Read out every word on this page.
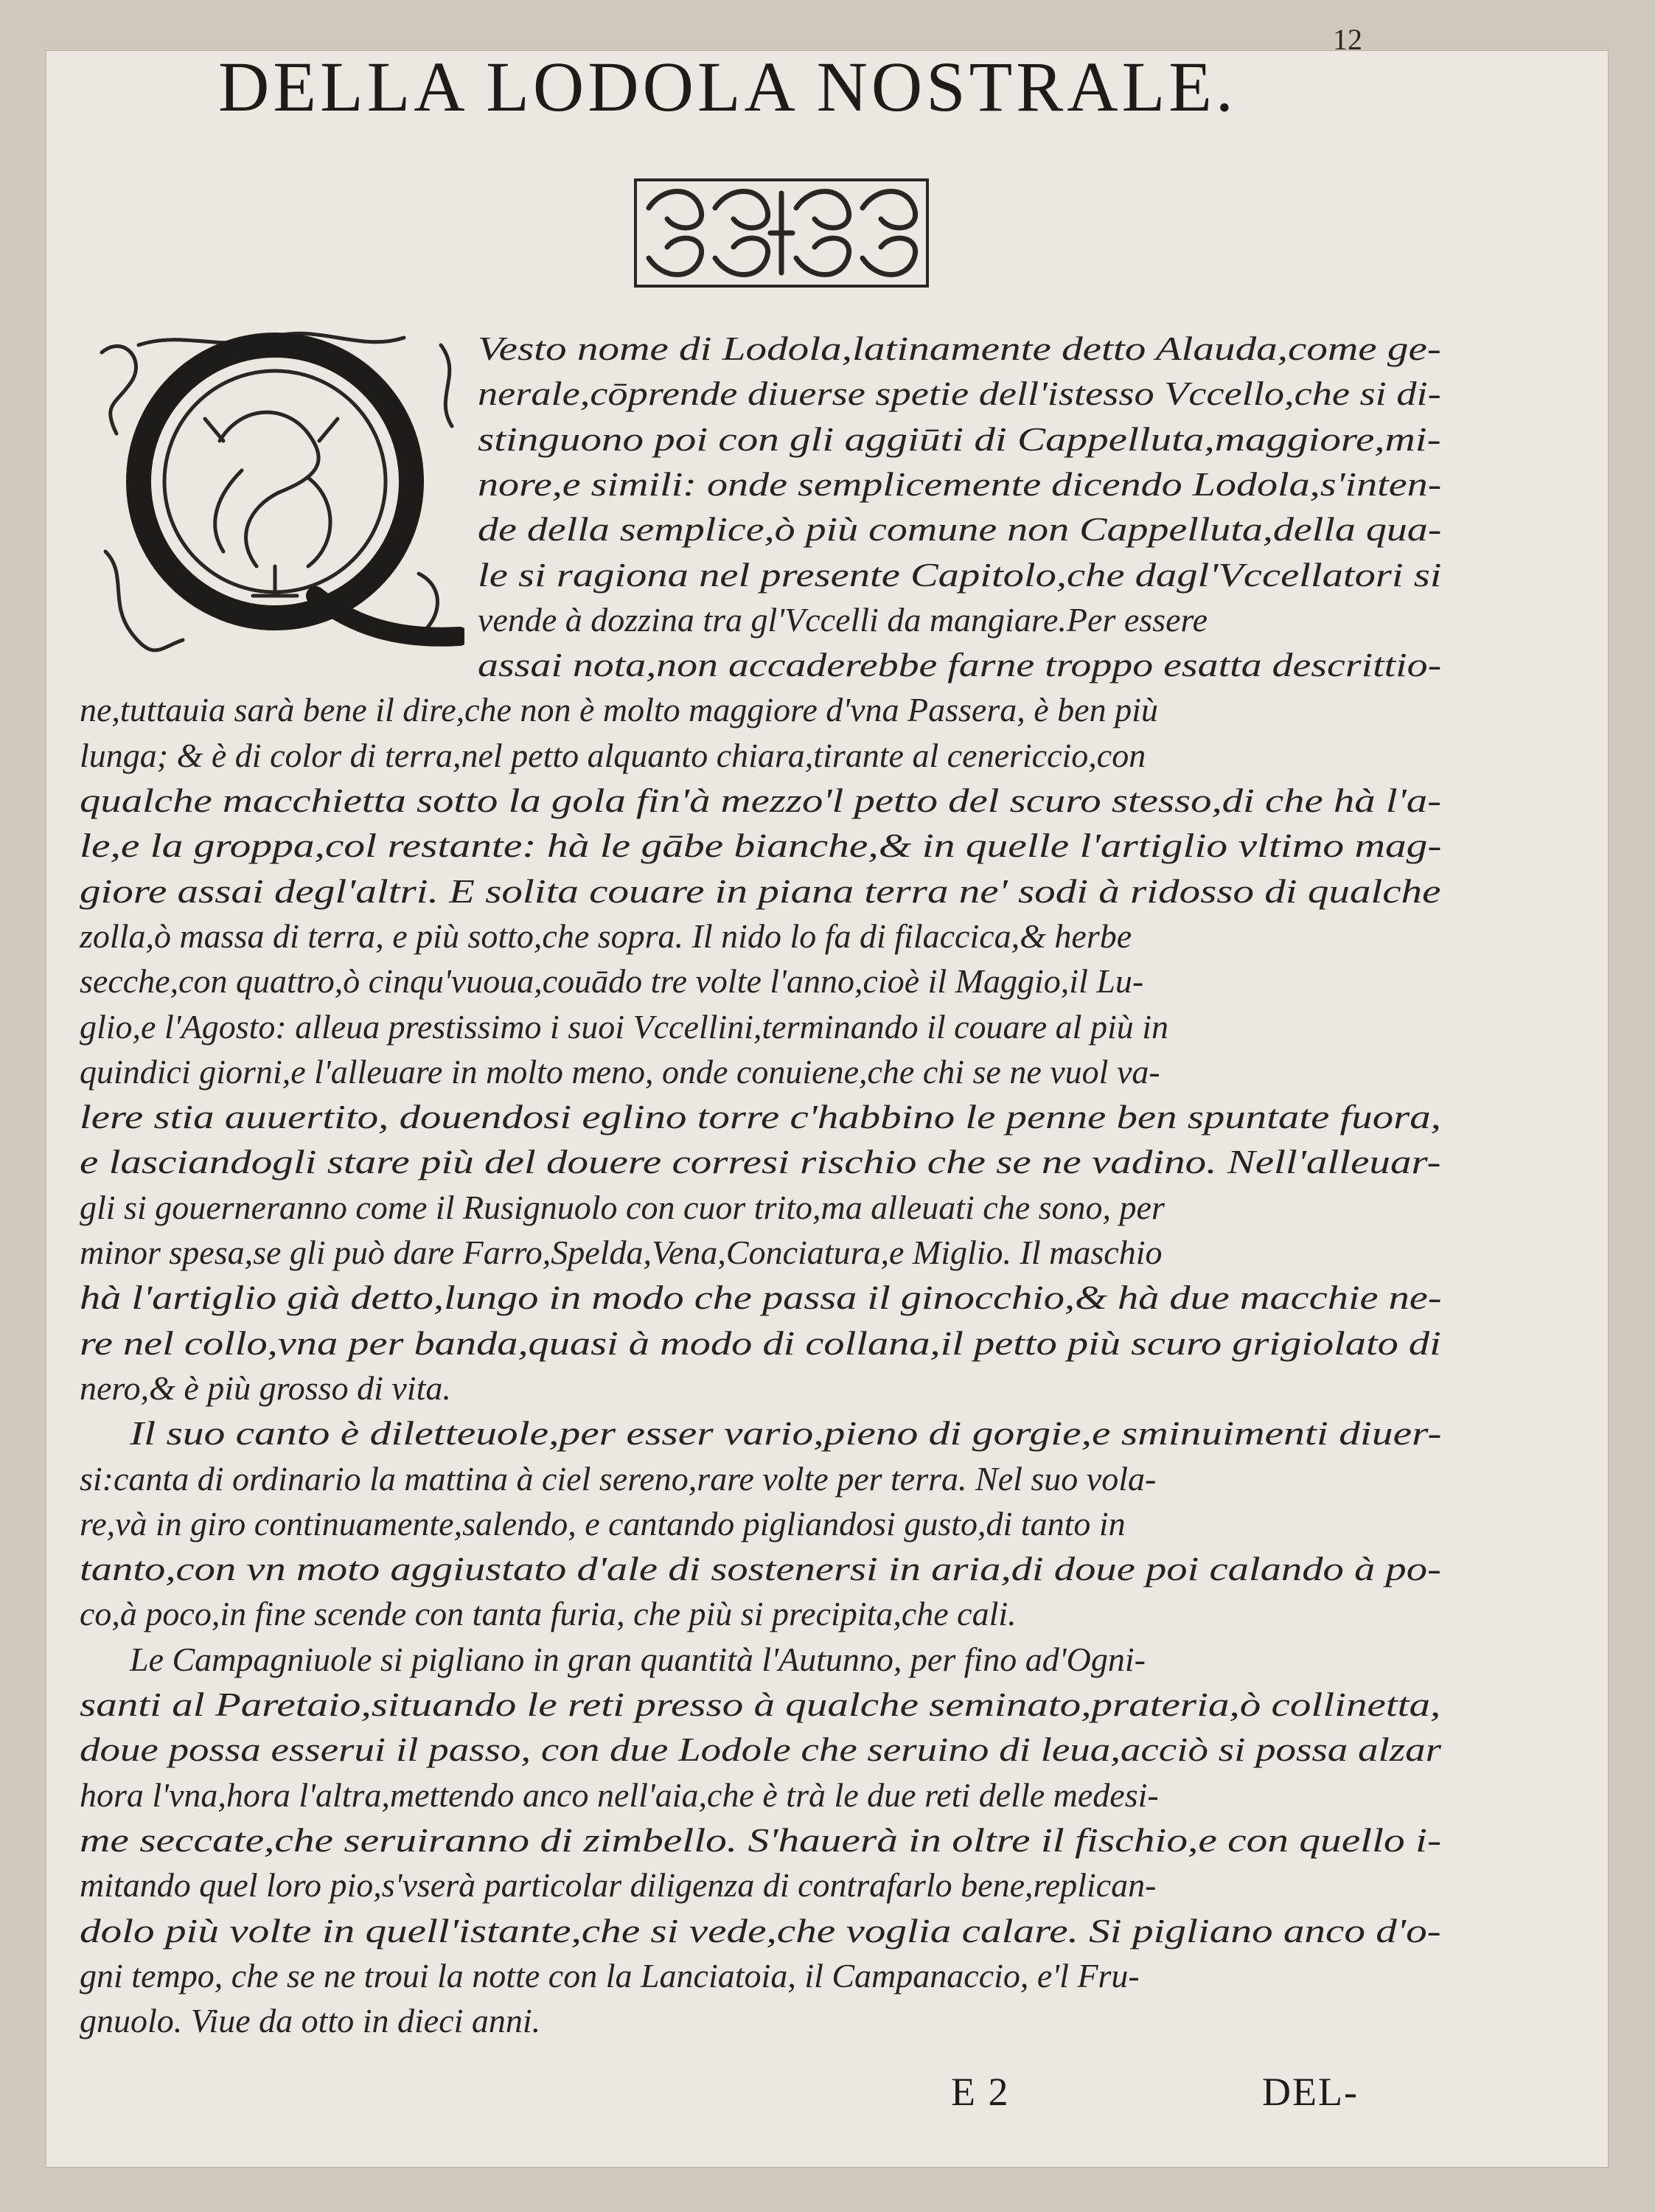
12
DELLA LODOLA NOSTRALE.
Vesto nome di Lodola,latinamente detto Alauda,come ge-
nerale,cōprende diuerse spetie dell'istesso Vccello,che si di-
stinguono poi con gli aggiūti di Cappelluta,maggiore,mi-
nore,e simili: onde semplicemente dicendo Lodola,s'inten-
de della semplice,ò più comune non Cappelluta,della qua-
le si ragiona nel presente Capitolo,che dagl'Vccellatori si
vende à dozzina tra gl'Vccelli da mangiare.Per essere
assai nota,non accaderebbe farne troppo esatta descrittio-
ne,tuttauia sarà bene il dire,che non è molto maggiore d'vna Passera, è ben più
lunga; & è di color di terra,nel petto alquanto chiara,tirante al cenericcio,con
qualche macchietta sotto la gola fin'à mezzo'l petto del scuro stesso,di che hà l'a-
le,e la groppa,col restante: hà le gābe bianche,& in quelle l'artiglio vltimo mag-
giore assai degl'altri. E solita couare in piana terra ne' sodi à ridosso di qualche
zolla,ò massa di terra, e più sotto,che sopra. Il nido lo fa di filaccica,& herbe
secche,con quattro,ò cinqu'vuoua,couādo tre volte l'anno,cioè il Maggio,il Lu-
glio,e l'Agosto: alleua prestissimo i suoi Vccellini,terminando il couare al più in
quindici giorni,e l'alleuare in molto meno, onde conuiene,che chi se ne vuol va-
lere stia auuertito, douendosi eglino torre c'habbino le penne ben spuntate fuora,
e lasciandogli stare più del douere corresi rischio che se ne vadino. Nell'alleuar-
gli si gouerneranno come il Rusignuolo con cuor trito,ma alleuati che sono, per
minor spesa,se gli può dare Farro,Spelda,Vena,Conciatura,e Miglio. Il maschio
hà l'artiglio già detto,lungo in modo che passa il ginocchio,& hà due macchie ne-
re nel collo,vna per banda,quasi à modo di collana,il petto più scuro grigiolato di
nero,& è più grosso di vita.
Il suo canto è diletteuole,per esser vario,pieno di gorgie,e sminuimenti diuer-
si:canta di ordinario la mattina à ciel sereno,rare volte per terra. Nel suo vola-
re,và in giro continuamente,salendo, e cantando pigliandosi gusto,di tanto in
tanto,con vn moto aggiustato d'ale di sostenersi in aria,di doue poi calando à po-
co,à poco,in fine scende con tanta furia, che più si precipita,che cali.
Le Campagniuole si pigliano in gran quantità l'Autunno, per fino ad'Ogni-
santi al Paretaio,situando le reti presso à qualche seminato,prateria,ò collinetta,
doue possa esserui il passo, con due Lodole che seruino di leua,acciò si possa alzar
hora l'vna,hora l'altra,mettendo anco nell'aia,che è trà le due reti delle medesi-
me seccate,che seruiranno di zimbello. S'hauerà in oltre il fischio,e con quello i-
mitando quel loro pio,s'vserà particolar diligenza di contrafarlo bene,replican-
dolo più volte in quell'istante,che si vede,che voglia calare. Si pigliano anco d'o-
gni tempo, che se ne troui la notte con la Lanciatoia, il Campanaccio, e'l Fru-
gnuolo. Viue da otto in dieci anni.
E 2	DEL-
